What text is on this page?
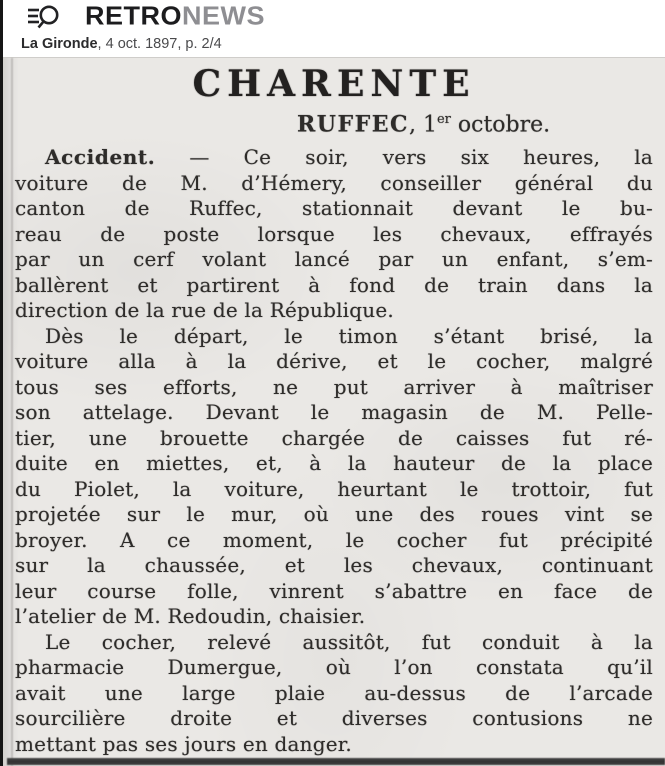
RETRONEWS
La Gironde, 4 oct. 1897, p. 2/4
CHARENTE
RUFFEC, 1er octobre.
Accident. — Ce soir, vers six heures, la
voiture de M. d’Hémery, conseiller général du
canton de Ruffec, stationnait devant le bu-
reau de poste lorsque les chevaux, effrayés
par un cerf volant lancé par un enfant, s’em-
ballèrent et partirent à fond de train dans la
direction de la rue de la République.
Dès le départ, le timon s’étant brisé, la
voiture alla à la dérive, et le cocher, malgré
tous ses efforts, ne put arriver à maîtriser
son attelage. Devant le magasin de M. Pelle-
tier, une brouette chargée de caisses fut ré-
duite en miettes, et, à la hauteur de la place
du Piolet, la voiture, heurtant le trottoir, fut
projetée sur le mur, où une des roues vint se
broyer. A ce moment, le cocher fut précipité
sur la chaussée, et les chevaux, continuant
leur course folle, vinrent s’abattre en face de
l’atelier de M. Redoudin, chaisier.
Le cocher, relevé aussitôt, fut conduit à la
pharmacie Dumergue, où l’on constata qu’il
avait une large plaie au-dessus de l’arcade
sourcilière droite et diverses contusions ne
mettant pas ses jours en danger.
